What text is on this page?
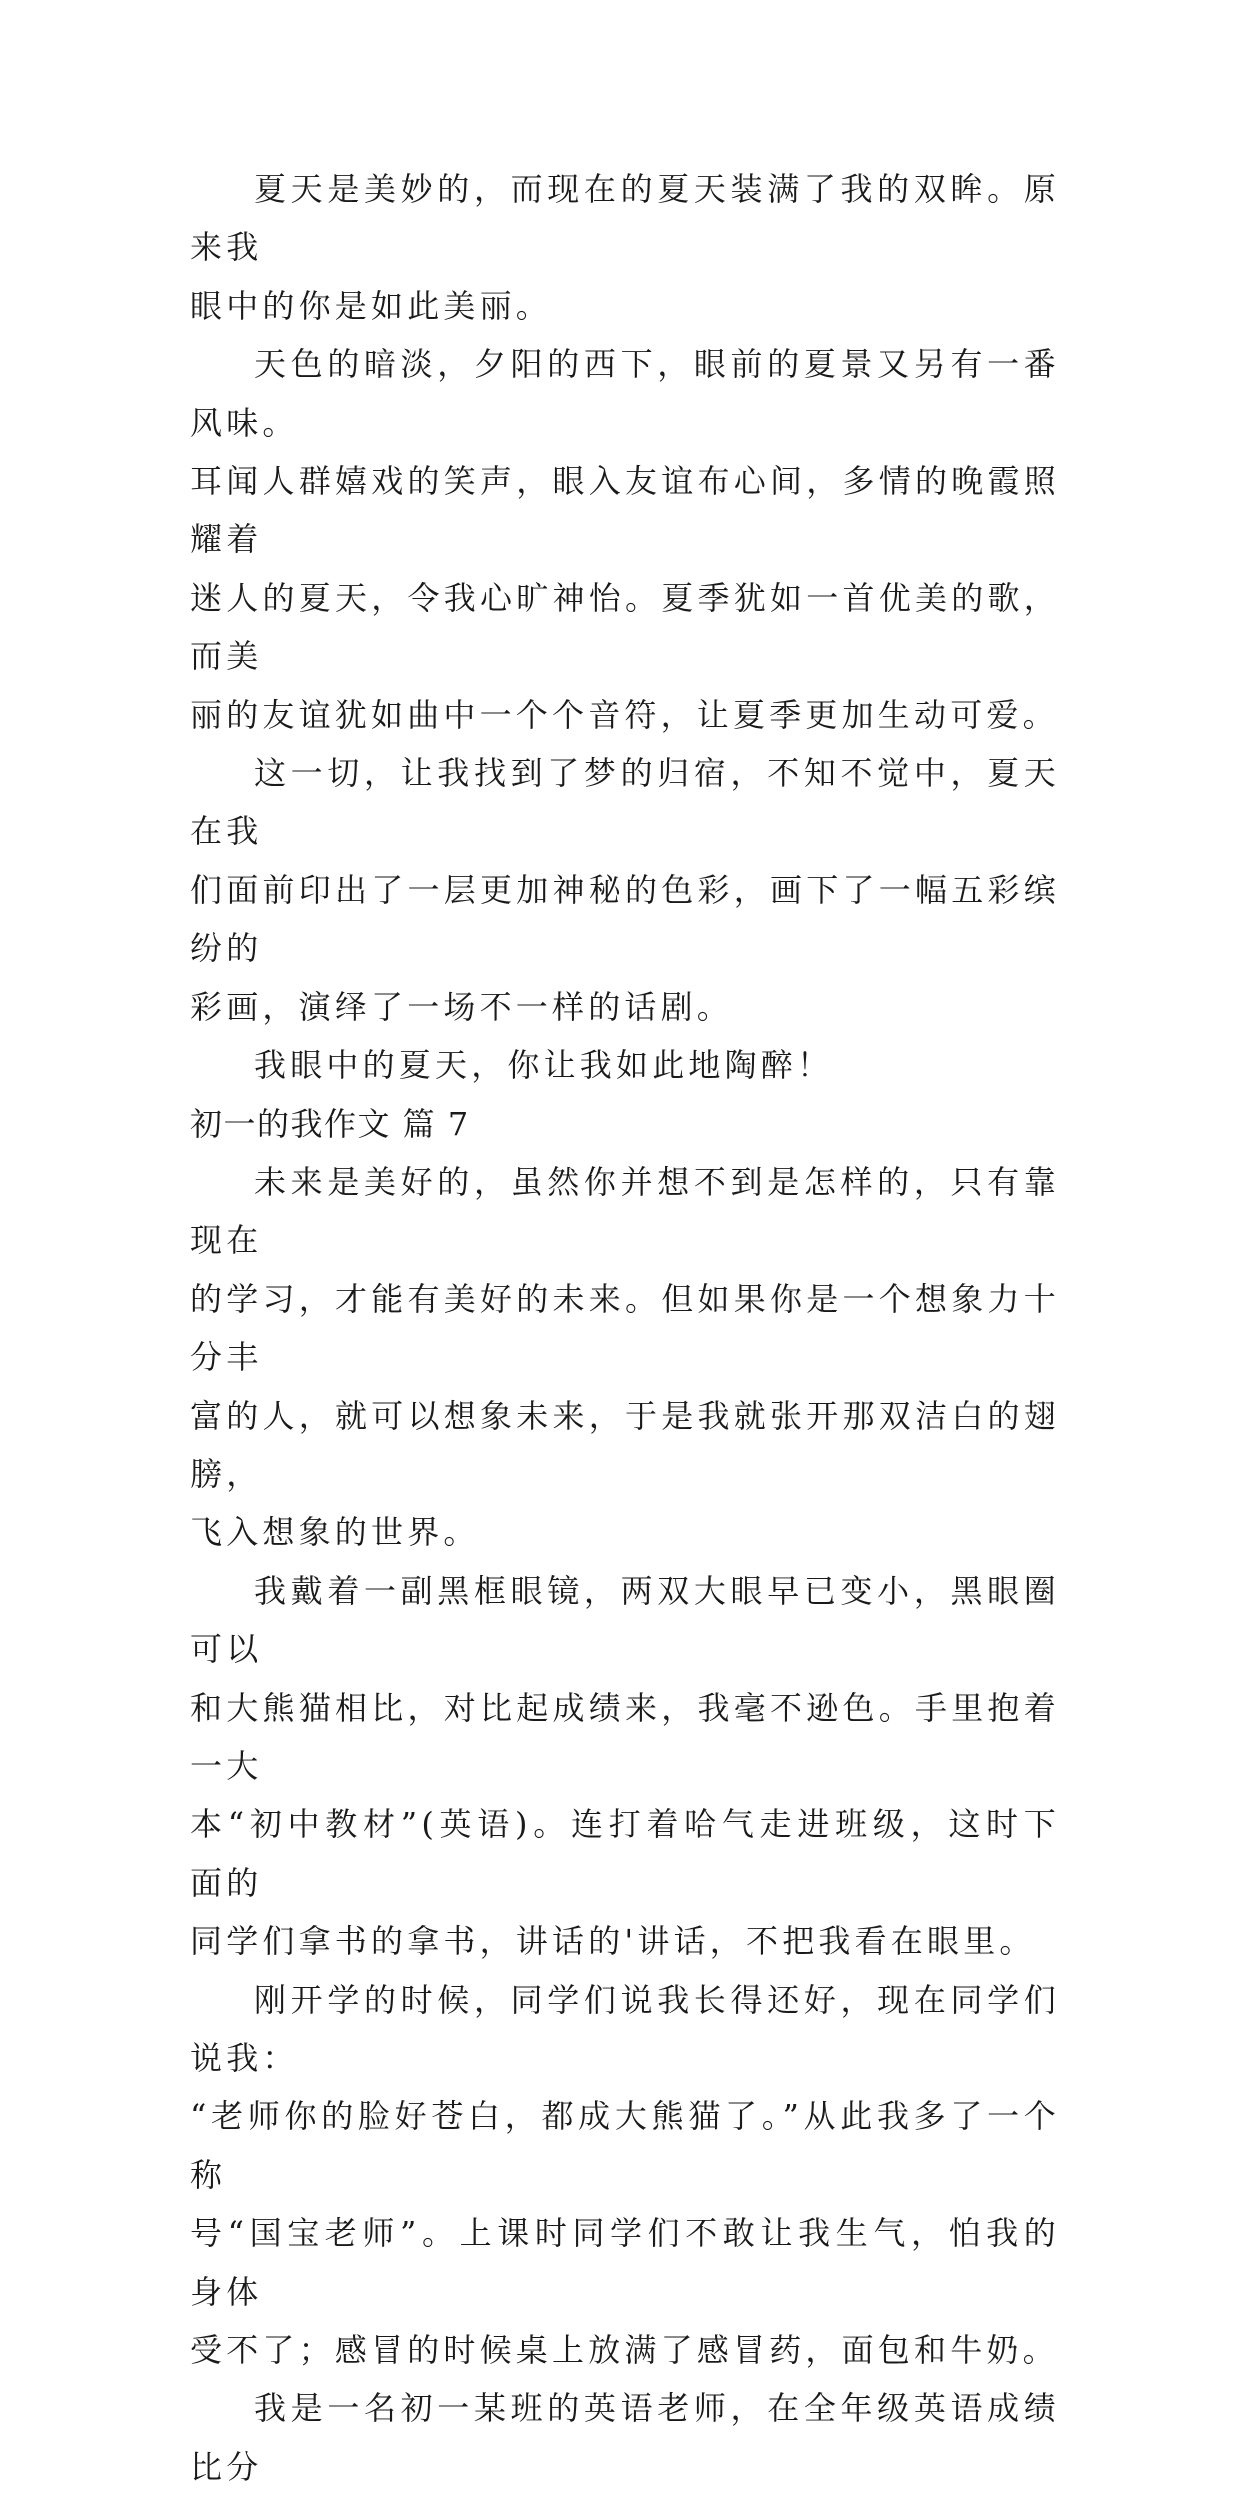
夏天是美妙的，而现在的夏天装满了我的双眸。原来我
眼中的你是如此美丽。

天色的暗淡，夕阳的西下，眼前的夏景又另有一番风味。
耳闻人群嬉戏的笑声，眼入友谊布心间，多情的晚霞照耀着
迷人的夏天，令我心旷神怡。夏季犹如一首优美的歌，而美
丽的友谊犹如曲中一个个音符，让夏季更加生动可爱。

这一切，让我找到了梦的归宿，不知不觉中，夏天在我
们面前印出了一层更加神秘的色彩，画下了一幅五彩缤纷的
彩画，演绎了一场不一样的话剧。

我眼中的夏天，你让我如此地陶醉！

初一的我作文 篇 7

未来是美好的，虽然你并想不到是怎样的，只有靠现在
的学习，才能有美好的未来。但如果你是一个想象力十分丰
富的人，就可以想象未来，于是我就张开那双洁白的翅膀，
飞入想象的世界。

我戴着一副黑框眼镜，两双大眼早已变小，黑眼圈可以
和大熊猫相比，对比起成绩来，我毫不逊色。手里抱着一大
本“初中教材”(英语)。连打着哈气走进班级，这时下面的
同学们拿书的拿书，讲话的'讲话，不把我看在眼里。

刚开学的时候，同学们说我长得还好，现在同学们说我：
“老师你的脸好苍白，都成大熊猫了。”从此我多了一个称
号“国宝老师”。上课时同学们不敢让我生气，怕我的身体
受不了；感冒的时候桌上放满了感冒药，面包和牛奶。

我是一名初一某班的英语老师，在全年级英语成绩比分
